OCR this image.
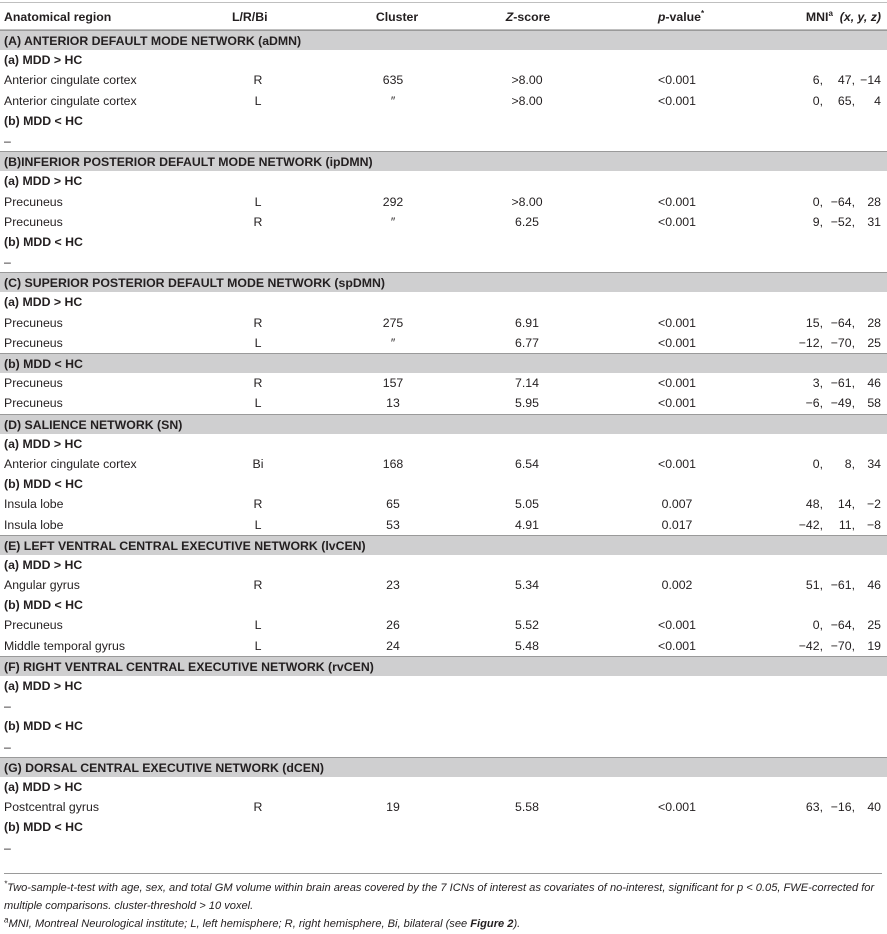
Anatomical region	L/R/Bi	Cluster	Z-score	p-value*	MNI$^a$ (x, y, z)
(A) ANTERIOR DEFAULT MODE NETWORK (aDMN)
(a) MDD > HC
Anterior cingulate cortex	R	635	>8.00	<0.001	6, 47, −14
Anterior cingulate cortex	L	″	>8.00	<0.001	0, 65, 4
(b) MDD < HC
–
(B)INFERIOR POSTERIOR DEFAULT MODE NETWORK (ipDMN)
(a) MDD > HC
Precuneus	L	292	>8.00	<0.001	0, −64, 28
Precuneus	R	″	6.25	<0.001	9, −52, 31
(b) MDD < HC
–
(C) SUPERIOR POSTERIOR DEFAULT MODE NETWORK (spDMN)
(a) MDD > HC
Precuneus	R	275	6.91	<0.001	15, −64, 28
Precuneus	L	″	6.77	<0.001	−12, −70, 25
(b) MDD < HC
Precuneus	R	157	7.14	<0.001	3, −61, 46
Precuneus	L	13	5.95	<0.001	−6, −49, 58
(D) SALIENCE NETWORK (SN)
(a) MDD > HC
Anterior cingulate cortex	Bi	168	6.54	<0.001	0, 8, 34
(b) MDD < HC
Insula lobe	R	65	5.05	0.007	48, 14, −2
Insula lobe	L	53	4.91	0.017	−42, 11, −8
(E) LEFT VENTRAL CENTRAL EXECUTIVE NETWORK (lvCEN)
(a) MDD > HC
Angular gyrus	R	23	5.34	0.002	51, −61, 46
(b) MDD < HC
Precuneus	L	26	5.52	<0.001	0, −64, 25
Middle temporal gyrus	L	24	5.48	<0.001	−42, −70, 19
(F) RIGHT VENTRAL CENTRAL EXECUTIVE NETWORK (rvCEN)
(a) MDD > HC
–
(b) MDD < HC
–
(G) DORSAL CENTRAL EXECUTIVE NETWORK (dCEN)
(a) MDD > HC
Postcentral gyrus	R	19	5.58	<0.001	63, −16, 40
(b) MDD < HC
–

*Two-sample-t-test with age, sex, and total GM volume within brain areas covered by the 7 ICNs of interest as covariates of no-interest, significant for p < 0.05, FWE-corrected for multiple comparisons. cluster-threshold > 10 voxel.

$^a$MNI, Montreal Neurological institute; L, left hemisphere; R, right hemisphere, Bi, bilateral (see Figure 2).
